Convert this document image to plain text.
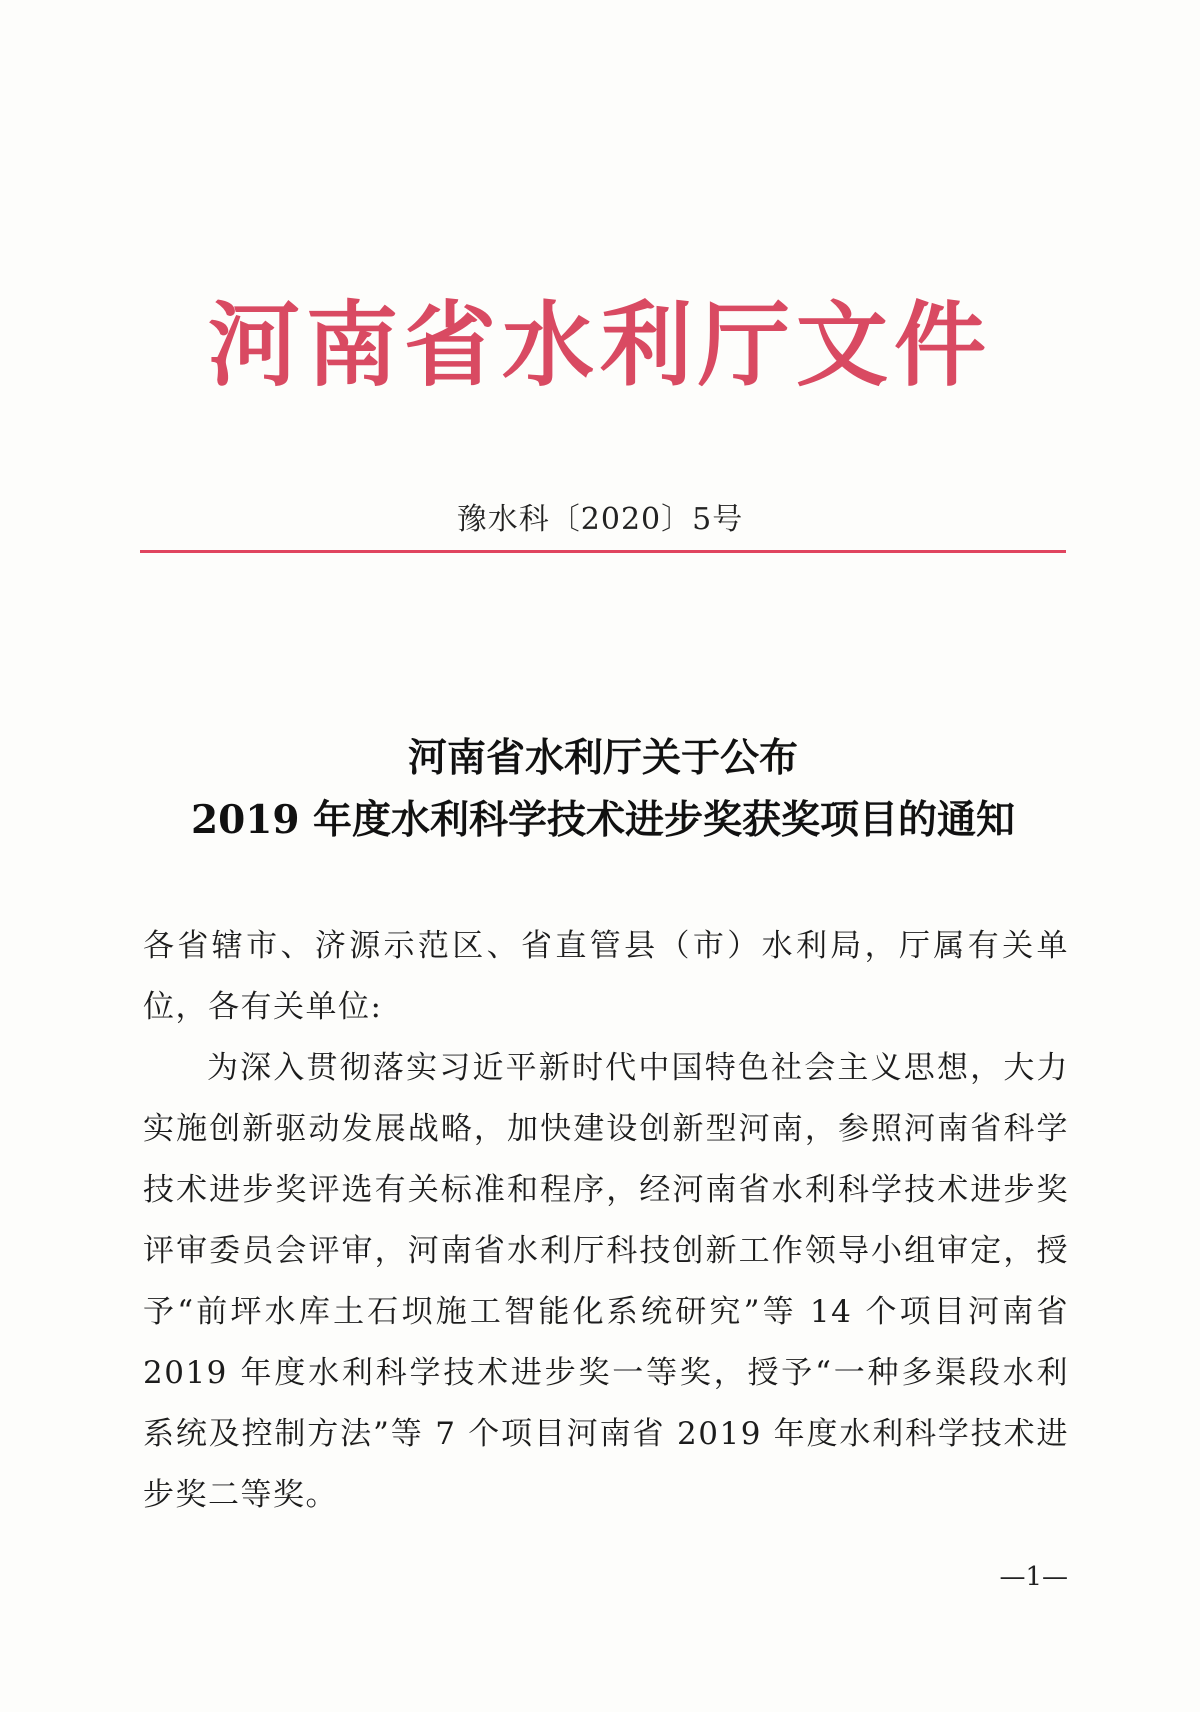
河南省水利厅文件
豫水科〔2020〕5号
河南省水利厅关于公布
2019 年度水利科学技术进步奖获奖项目的通知

各省辖市、济源示范区、省直管县（市）水利局，厅属有关单位，各有关单位:

为深入贯彻落实习近平新时代中国特色社会主义思想，大力实施创新驱动发展战略，加快建设创新型河南，参照河南省科学技术进步奖评选有关标准和程序，经河南省水利科学技术进步奖评审委员会评审，河南省水利厅科技创新工作领导小组审定，授予“前坪水库土石坝施工智能化系统研究”等 14 个项目河南省 2019 年度水利科学技术进步奖一等奖，授予“一种多渠段水利系统及控制方法”等 7 个项目河南省 2019 年度水利科学技术进步奖二等奖。

—1—
